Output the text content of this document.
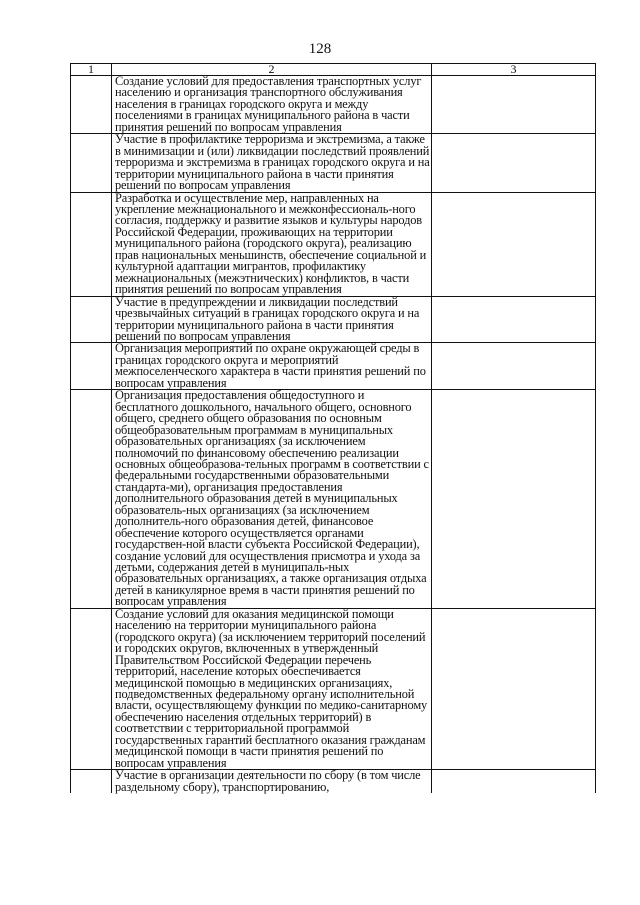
128
1	2	3

	Создание условий для предоставления транспортных услуг населению и организация транспортного обслуживания населения в границах городского округа и между поселениями в границах муниципального района в части принятия решений по вопросам управления	

	Участие в профилактике терроризма и экстремизма, а также в минимизации и (или) ликвидации последствий проявлений терроризма и экстремизма в границах городского округа и на территории муниципального района в части принятия решений по вопросам управления	

	Разработка и осуществление мер, направленных на укрепление межнационального и межконфессиональ-ного согласия, поддержку и развитие языков и культуры народов Российской Федерации, проживающих на территории муниципального района (городского округа), реализацию прав национальных меньшинств, обеспечение социальной и культурной адаптации мигрантов, профилактику межнациональных (межэтнических) конфликтов, в части принятия решений по вопросам управления	

	Участие в предупреждении и ликвидации последствий чрезвычайных ситуаций в границах городского округа и на территории муниципального района в части принятия решений по вопросам управления	

	Организация мероприятий по охране окружающей среды в границах городского округа и мероприятий межпоселенческого характера в части принятия решений по вопросам управления	

	Организация предоставления общедоступного и бесплатного дошкольного, начального общего, основного общего, среднего общего образования по основным общеобразовательным программам в муниципальных образовательных организациях (за исключением полномочий по финансовому обеспечению реализации основных общеобразова-тельных программ в соответствии с федеральными государственными образовательными стандарта-ми), организация предоставления дополнительного образования детей в муниципальных образователь-ных организациях (за исключением дополнитель-ного образования детей, финансовое обеспечение которого осуществляется органами государствен-ной власти субъекта Российской Федерации), создание условий для осуществления присмотра и ухода за детьми, содержания детей в муниципаль-ных образовательных организациях, а также организация отдыха детей в каникулярное время в части принятия решений по вопросам управления	

	Создание условий для оказания медицинской помощи населению на территории муниципального района (городского округа) (за исключением территорий поселений и городских округов, включенных в утвержденный Правительством Российской Федерации перечень территорий, население которых обеспечивается медицинской помощью в медицинских организациях, подведомственных федеральному органу исполнительной власти, осуществляющему функции по медико-санитарному обеспечению населения отдельных территорий) в соответствии с территориальной программой государственных гарантий бесплатного оказания гражданам медицинской помощи в части принятия решений по вопросам управления	

	Участие в организации деятельности по сбору (в том числе раздельному сбору), транспортированию,	
